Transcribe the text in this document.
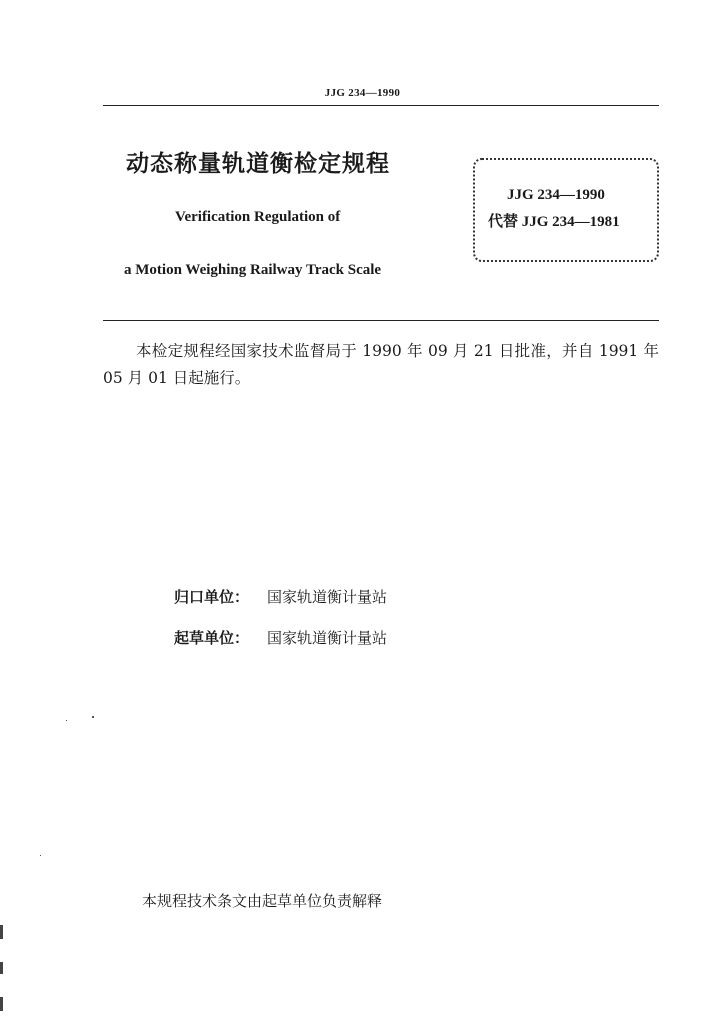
JJG 234—1990
动态称量轨道衡检定规程
Verification Regulation of
a Motion Weighing Railway Track Scale
JJG 234—1990
代替 JJG 234—1981
本检定规程经国家技术监督局于 1990 年 09 月 21 日批准，并自 1991 年 05 月 01 日起施行。
归口单位： 国家轨道衡计量站
起草单位： 国家轨道衡计量站
本规程技术条文由起草单位负责解释
